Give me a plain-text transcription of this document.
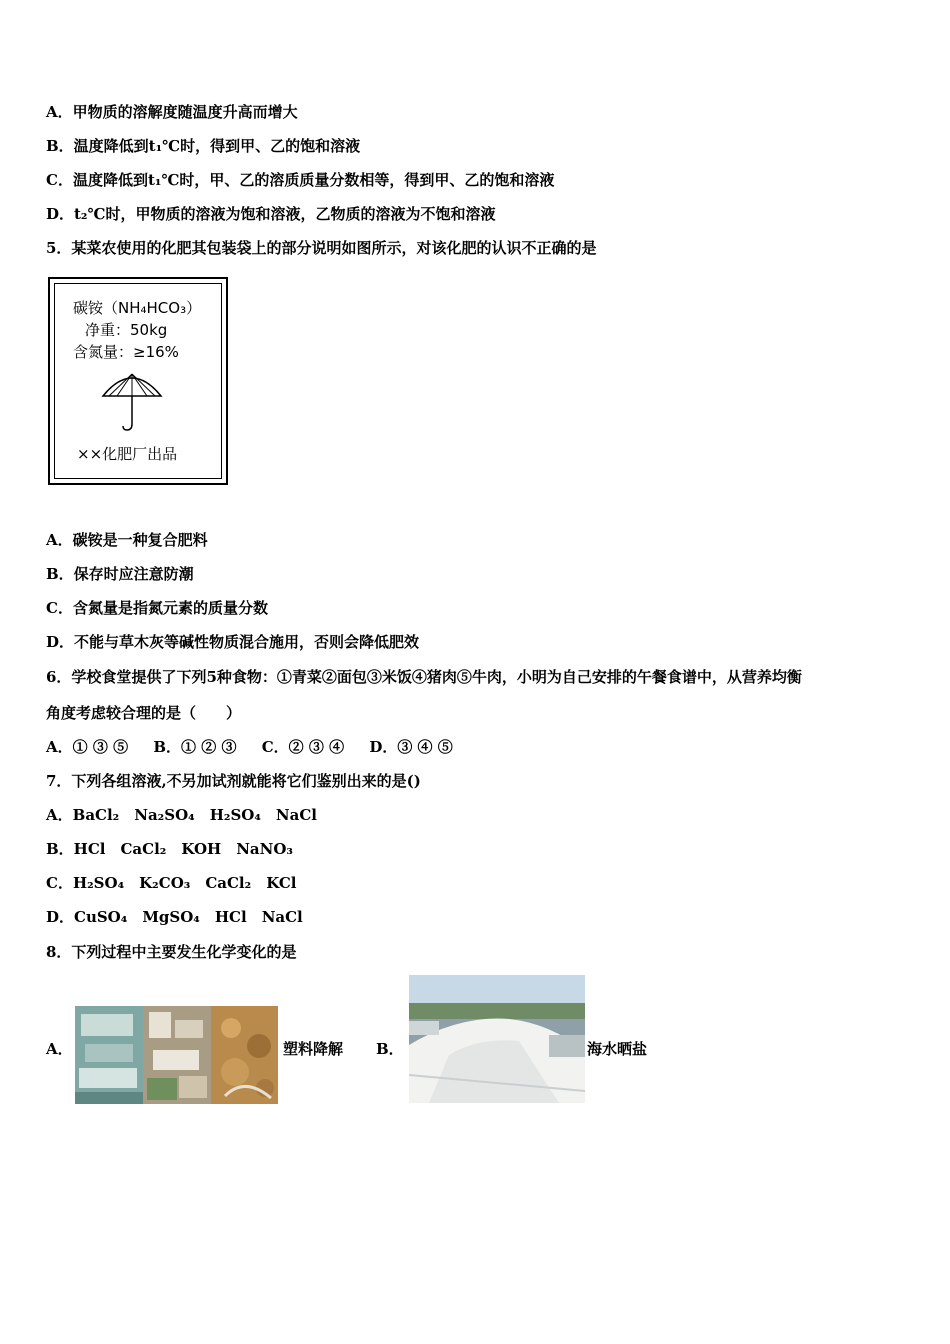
A．甲物质的溶解度随温度升高而增大
B．温度降低到t₁℃时，得到甲、乙的饱和溶液
C．温度降低到t₁℃时，甲、乙的溶质质量分数相等，得到甲、乙的饱和溶液
D．t₂℃时，甲物质的溶液为饱和溶液，乙物质的溶液为不饱和溶液
5．某菜农使用的化肥其包装袋上的部分说明如图所示，对该化肥的认识不正确的是
碳铵（NH₄HCO₃）
净重：50kg
含氮量：≥16%
××化肥厂出品
A．碳铵是一种复合肥料
B．保存时应注意防潮
C．含氮量是指氮元素的质量分数
D．不能与草木灰等碱性物质混合施用，否则会降低肥效
6．学校食堂提供了下列5种食物：①青菜②面包③米饭④猪肉⑤牛肉，小明为自己安排的午餐食谱中，从营养均衡
角度考虑较合理的是（　　）
A．① ③ ⑤ B．① ② ③ C．② ③ ④ D．③ ④ ⑤
7．下列各组溶液,不另加试剂就能将它们鉴别出来的是()
A．BaCl₂　Na₂SO₄　H₂SO₄　NaCl
B．HCl　CaCl₂　KOH　NaNO₃
C．H₂SO₄　K₂CO₃　CaCl₂　KCl
D．CuSO₄　MgSO₄　HCl　NaCl
8．下列过程中主要发生化学变化的是
A．	塑料降解 B．	海水晒盐
